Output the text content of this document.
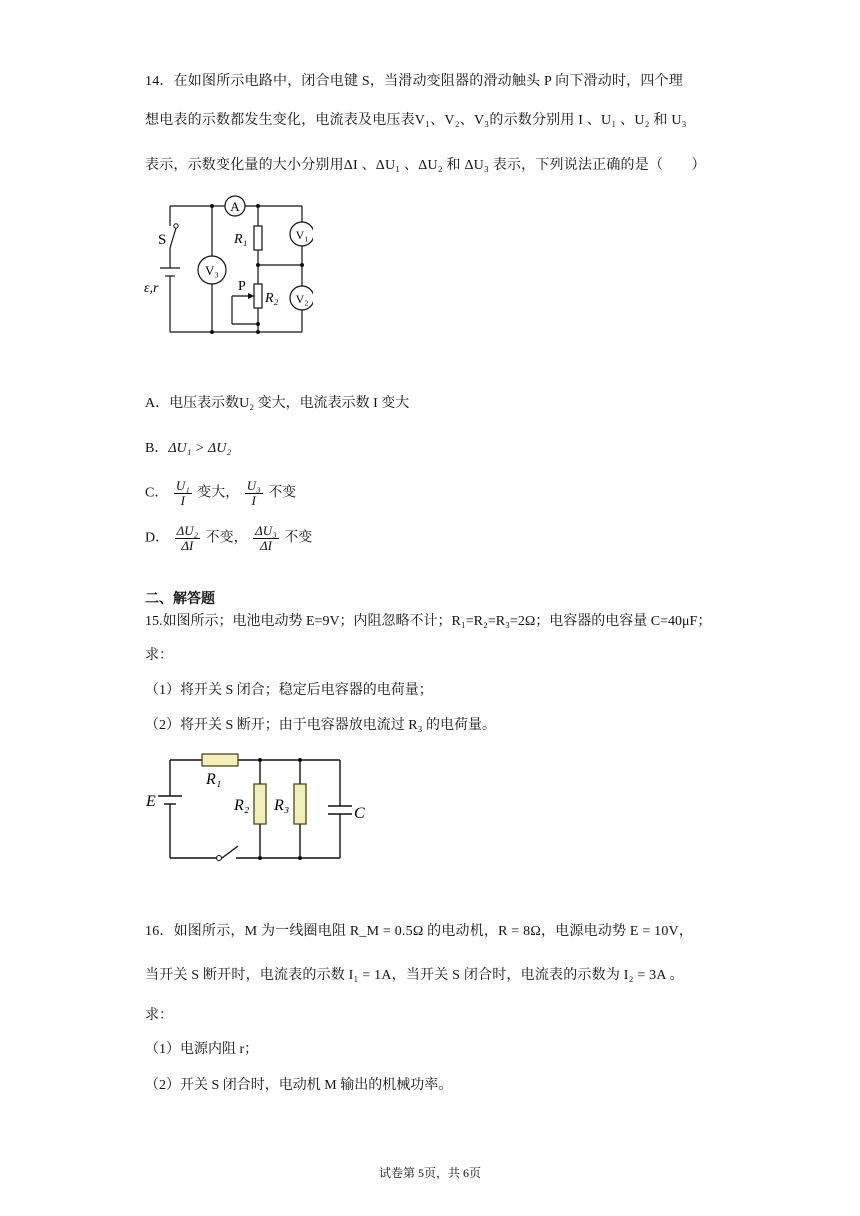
14．在如图所示电路中，闭合电键 S，当滑动变阻器的滑动触头 P 向下滑动时，四个理
想电表的示数都发生变化，电流表及电压表V₁、V₂、V₃的示数分别用 I 、U₁ 、U₂ 和 U₃
表示，示数变化量的大小分别用ΔI 、ΔU₁ 、ΔU₂ 和 ΔU₃ 表示，下列说法正确的是（　　）
A
S
ε,r
V₃
R₁
R₂
P
V₁
V₂
A．电压表示数U₂ 变大，电流表示数 I 变大
B．ΔU₁ > ΔU₂
C． $\frac{\text{U₁}}{I}$ 变大， $\frac{\text{U₃}}{I}$ 不变
D． $\frac{\text{ΔU₂}}{\Delta I}$ 不变， $\frac{\text{ΔU₃}}{\Delta I}$ 不变
二、解答题
15.如图所示；电池电动势 E=9V；内阻忽略不计；R₁=R₂=R₃=2Ω；电容器的电容量 C=40μF；
求：
（1）将开关 S 闭合；稳定后电容器的电荷量；
（2）将开关 S 断开；由于电容器放电流过 R₃ 的电荷量。
E
R₁
R₂ R₃	C
16．如图所示，M 为一线圈电阻 R_M = 0.5Ω 的电动机，R = 8Ω，电源电动势 E = 10V，
当开关 S 断开时，电流表的示数 I₁ = 1A，当开关 S 闭合时，电流表的示数为 I₂ = 3A 。
求：
（1）电源内阻 r；
（2）开关 S 闭合时，电动机 M 输出的机械功率。
试卷第 5页，共 6页
